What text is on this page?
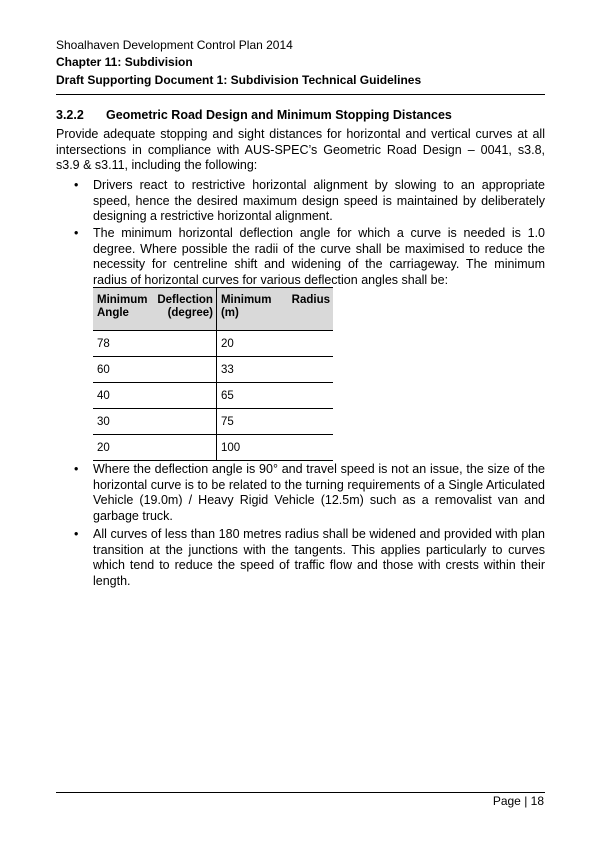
Shoalhaven Development Control Plan 2014
Chapter 11: Subdivision
Draft Supporting Document 1: Subdivision Technical Guidelines
3.2.2 Geometric Road Design and Minimum Stopping Distances
Provide adequate stopping and sight distances for horizontal and vertical curves at all intersections in compliance with AUS-SPEC’s Geometric Road Design – 0041, s3.8, s3.9 & s3.11, including the following:
• Drivers react to restrictive horizontal alignment by slowing to an appropriate speed, hence the desired maximum design speed is maintained by deliberately designing a restrictive horizontal alignment.
• The minimum horizontal deflection angle for which a curve is needed is 1.0 degree. Where possible the radii of the curve shall be maximised to reduce the necessity for centreline shift and widening of the carriageway. The minimum radius of horizontal curves for various deflection angles shall be:
Minimum Deflection Angle (degree)	Minimum Radius (m)
78	20
60	33
40	65
30	75
20	100
• Where the deflection angle is 90° and travel speed is not an issue, the size of the horizontal curve is to be related to the turning requirements of a Single Articulated Vehicle (19.0m) / Heavy Rigid Vehicle (12.5m) such as a removalist van and garbage truck.
• All curves of less than 180 metres radius shall be widened and provided with plan transition at the junctions with the tangents. This applies particularly to curves which tend to reduce the speed of traffic flow and those with crests within their length.
Page | 18
